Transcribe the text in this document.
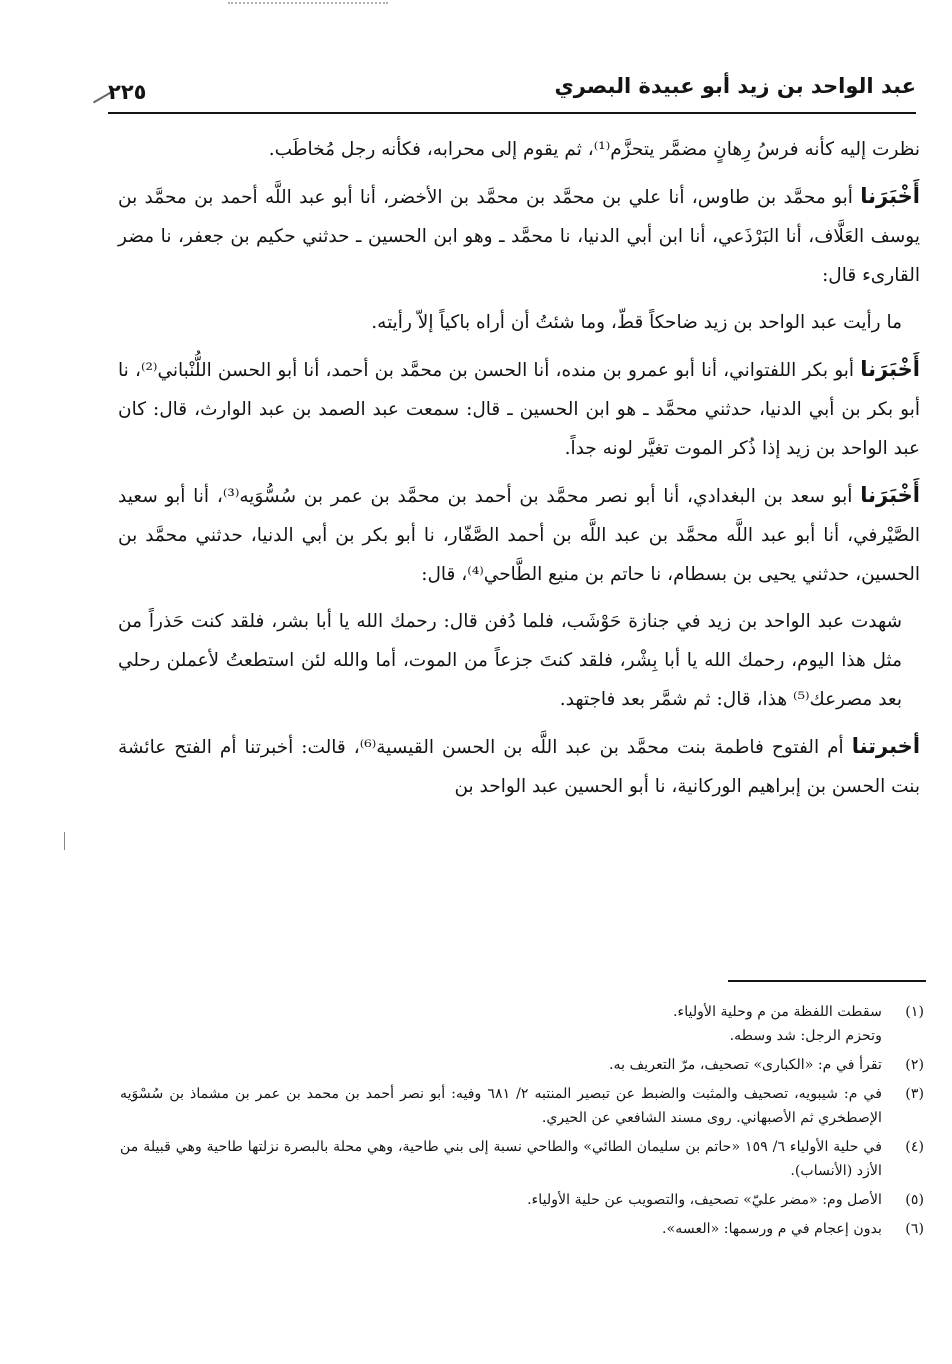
عبد الواحد بن زيد أبو عبيدة البصري
٢٢٥

نظرت إليه كأنه فرسُ رِهانٍ مضمَّر يتحزَّم⁽¹⁾، ثم يقوم إلى محرابه، فكأنه رجل مُخاطَب.

أَخْبَرَنا أبو محمَّد بن طاوس، أنا علي بن محمَّد بن محمَّد بن الأخضر، أنا أبو عبد اللَّه أحمد بن محمَّد بن يوسف العَلَّاف، أنا البَرْذَعي، أنا ابن أبي الدنيا، نا محمَّد ـ وهو ابن الحسين ـ حدثني حكيم بن جعفر، نا مضر القارىء قال:

ما رأيت عبد الواحد بن زيد ضاحكاً قطّ، وما شئتُ أن أراه باكياً إلاّ رأيته.

أَخْبَرَنا أبو بكر اللفتواني، أنا أبو عمرو بن منده، أنا الحسن بن محمَّد بن أحمد، أنا أبو الحسن اللُّنْباني⁽²⁾، نا أبو بكر بن أبي الدنيا، حدثني محمَّد ـ هو ابن الحسين ـ قال: سمعت عبد الصمد بن عبد الوارث، قال: كان عبد الواحد بن زيد إذا ذُكر الموت تغيَّر لونه جداً.

أَخْبَرَنا أبو سعد بن البغدادي، أنا أبو نصر محمَّد بن أحمد بن محمَّد بن عمر بن سُسُّوَيه⁽³⁾، أنا أبو سعيد الصَّيْرفي، أنا أبو عبد اللَّه محمَّد بن عبد اللَّه بن أحمد الصَّفّار، نا أبو بكر بن أبي الدنيا، حدثني محمَّد بن الحسين، حدثني يحيى بن بسطام، نا حاتم بن منيع الطَّاحي⁽⁴⁾، قال:

شهدت عبد الواحد بن زيد في جنازة حَوْشَب، فلما دُفن قال: رحمك الله يا أبا بشر، فلقد كنت حَذراً من مثل هذا اليوم، رحمك الله يا أبا بِشْر، فلقد كنتَ جزعاً من الموت، أما والله لئن استطعتُ لأعملن رحلي بعد مصرعك⁽⁵⁾ هذا، قال: ثم شمَّر بعد فاجتهد.

أخبرتنا أم الفتوح فاطمة بنت محمَّد بن عبد اللَّه بن الحسن القيسية⁽⁶⁾، قالت: أخبرتنا أم الفتح عائشة بنت الحسن بن إبراهيم الوركانية، نا أبو الحسين عبد الواحد بن

(١)
سقطت اللفظة من م وحلية الأولياء.
وتحزم الرجل: شد وسطه.
(٢)
تقرأ في م: «الكبارى» تصحيف، مرّ التعريف به.
(٣)
في م: شيبويه، تصحيف والمثبت والضبط عن تبصير المنتبه ٢/ ٦٨١ وفيه: أبو نصر أحمد بن محمد بن عمر بن مشماذ بن سُسْوَيه الإصطخري ثم الأصبهاني. روى مسند الشافعي عن الحيري.
(٤)
في حلية الأولياء ٦/ ١٥٩ «حاتم بن سليمان الطائي» والطاحي نسبة إلى بني طاحية، وهي محلة بالبصرة نزلتها طاحية وهي قبيلة من الأزد (الأنساب).
(٥)
الأصل وم: «مضر عليّ» تصحيف، والتصويب عن حلية الأولياء.
(٦)
بدون إعجام في م ورسمها: «العسه».
